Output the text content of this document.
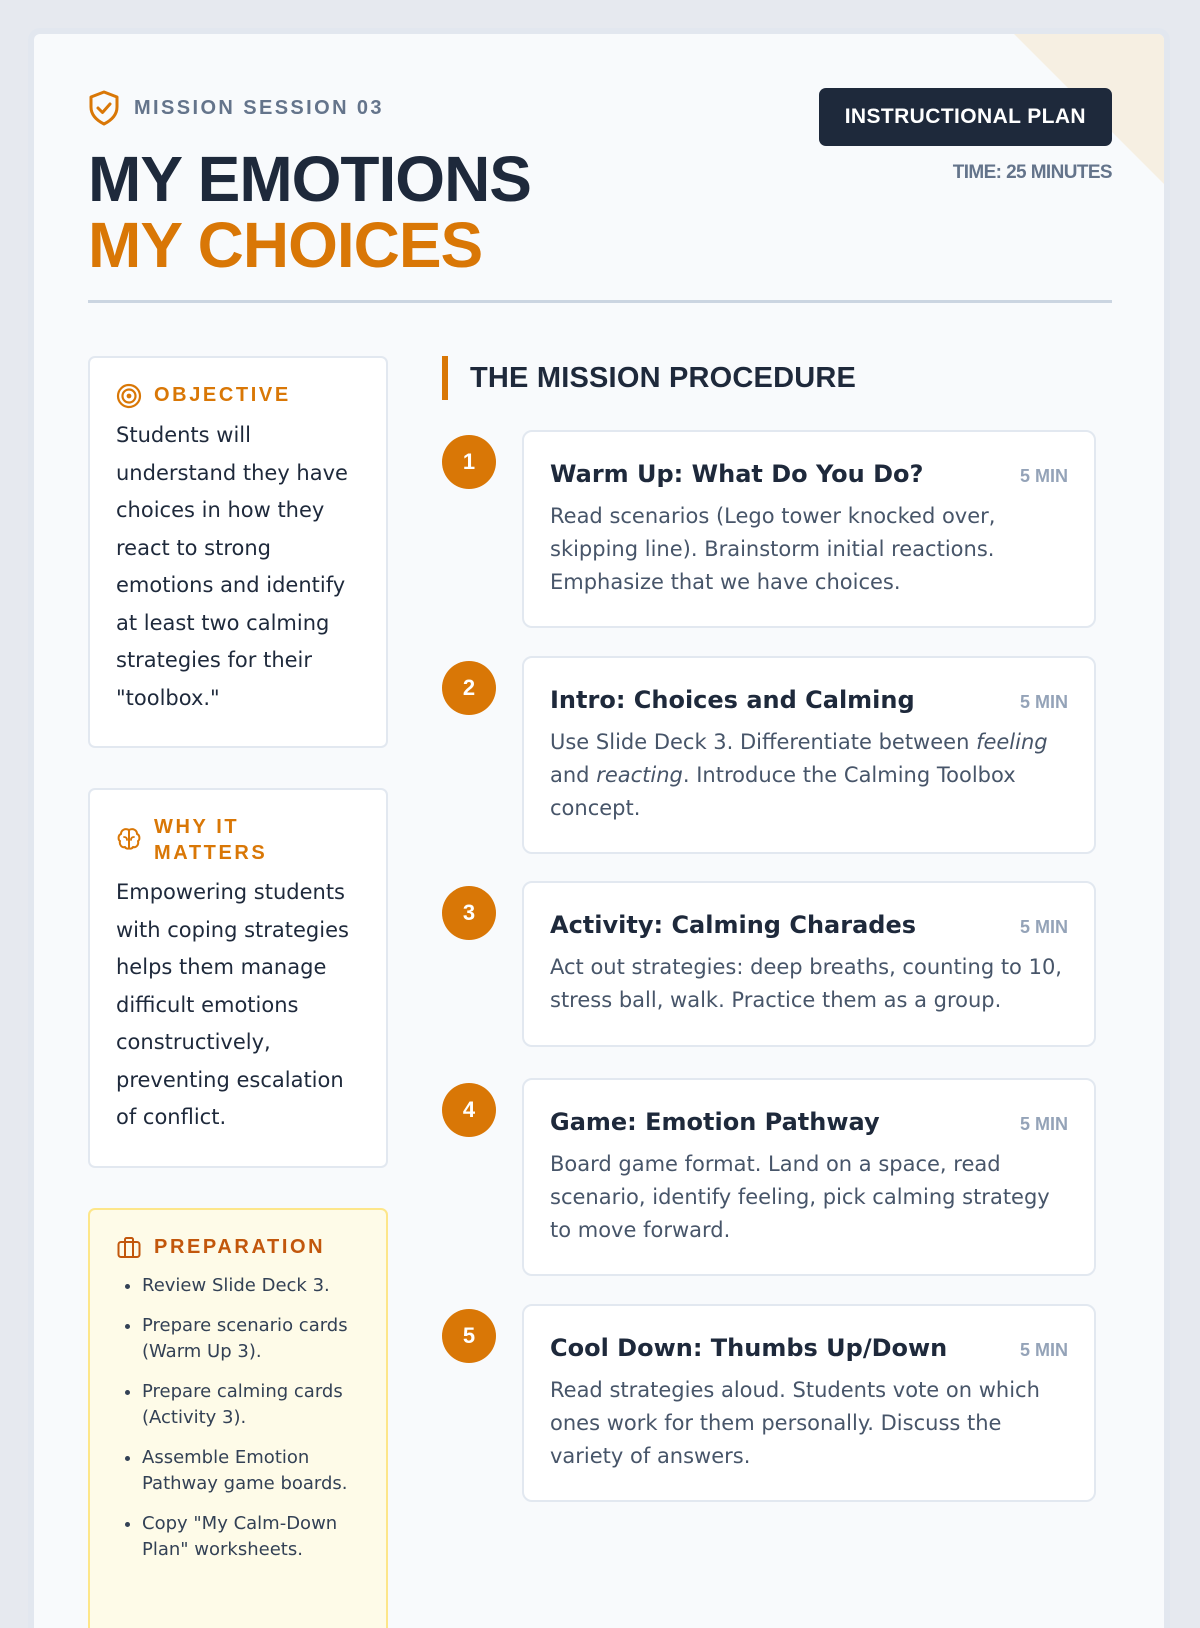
MISSION SESSION 03
MY EMOTIONS
MY CHOICES
INSTRUCTIONAL PLAN
TIME: 25 MINUTES
OBJECTIVE
Students will understand they have choices in how they react to strong emotions and identify at least two calming strategies for their "toolbox."
WHY IT MATTERS
Empowering students with coping strategies helps them manage difficult emotions constructively, preventing escalation of conflict.
PREPARATION
• Review Slide Deck 3.
• Prepare scenario cards (Warm Up 3).
• Prepare calming cards (Activity 3).
• Assemble Emotion Pathway game boards.
• Copy "My Calm-Down Plan" worksheets.
THE MISSION PROCEDURE
1	Warm Up: What Do You Do?	5 MIN
Read scenarios (Lego tower knocked over, skipping line). Brainstorm initial reactions. Emphasize that we have choices.
2	Intro: Choices and Calming	5 MIN
Use Slide Deck 3. Differentiate between feeling and reacting. Introduce the Calming Toolbox concept.
3	Activity: Calming Charades	5 MIN
Act out strategies: deep breaths, counting to 10, stress ball, walk. Practice them as a group.
4	Game: Emotion Pathway	5 MIN
Board game format. Land on a space, read scenario, identify feeling, pick calming strategy to move forward.
5	Cool Down: Thumbs Up/Down	5 MIN
Read strategies aloud. Students vote on which ones work for them personally. Discuss the variety of answers.
